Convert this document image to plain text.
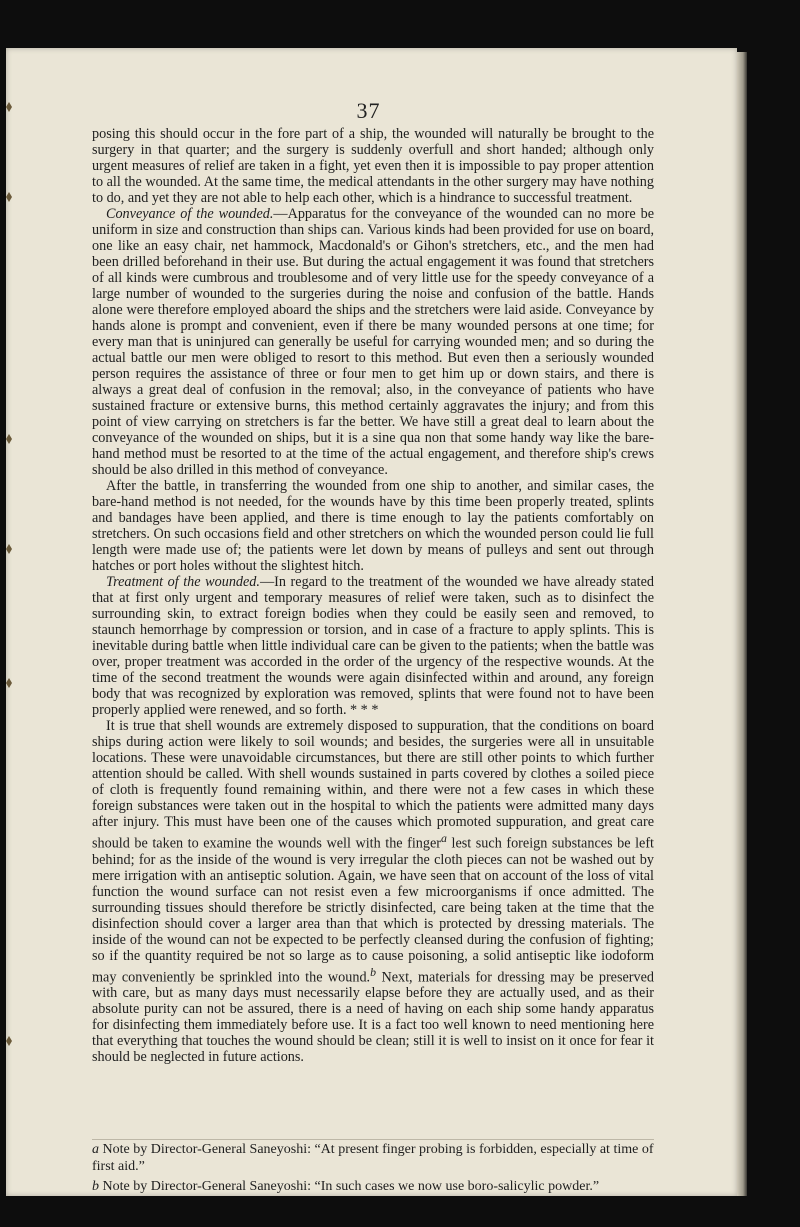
37

posing this should occur in the fore part of a ship, the wounded will naturally be brought to the surgery in that quarter; and the surgery is suddenly overfull and short handed; although only urgent measures of relief are taken in a fight, yet even then it is impossible to pay proper attention to all the wounded. At the same time, the medical attendants in the other surgery may have nothing to do, and yet they are not able to help each other, which is a hindrance to successful treatment.

Conveyance of the wounded.—Apparatus for the conveyance of the wounded can no more be uniform in size and construction than ships can. Various kinds had been provided for use on board, one like an easy chair, net hammock, Macdonald's or Gihon's stretchers, etc., and the men had been drilled beforehand in their use. But during the actual engagement it was found that stretchers of all kinds were cumbrous and troublesome and of very little use for the speedy conveyance of a large number of wounded to the surgeries during the noise and confusion of the battle. Hands alone were therefore employed aboard the ships and the stretchers were laid aside. Conveyance by hands alone is prompt and convenient, even if there be many wounded persons at one time; for every man that is uninjured can generally be useful for carrying wounded men; and so during the actual battle our men were obliged to resort to this method. But even then a seriously wounded person requires the assistance of three or four men to get him up or down stairs, and there is always a great deal of confusion in the removal; also, in the conveyance of patients who have sustained fracture or extensive burns, this method certainly aggravates the injury; and from this point of view carrying on stretchers is far the better. We have still a great deal to learn about the conveyance of the wounded on ships, but it is a sine qua non that some handy way like the bare-hand method must be resorted to at the time of the actual engagement, and therefore ship's crews should be also drilled in this method of conveyance.

After the battle, in transferring the wounded from one ship to another, and similar cases, the bare-hand method is not needed, for the wounds have by this time been properly treated, splints and bandages have been applied, and there is time enough to lay the patients comfortably on stretchers. On such occasions field and other stretchers on which the wounded person could lie full length were made use of; the patients were let down by means of pulleys and sent out through hatches or port holes without the slightest hitch.

Treatment of the wounded.—In regard to the treatment of the wounded we have already stated that at first only urgent and temporary measures of relief were taken, such as to disinfect the surrounding skin, to extract foreign bodies when they could be easily seen and removed, to staunch hemorrhage by compression or torsion, and in case of a fracture to apply splints. This is inevitable during battle when little individual care can be given to the patients; when the battle was over, proper treatment was accorded in the order of the urgency of the respective wounds. At the time of the second treatment the wounds were again disinfected within and around, any foreign body that was recognized by exploration was removed, splints that were found not to have been properly applied were renewed, and so forth. * * *

It is true that shell wounds are extremely disposed to suppuration, that the conditions on board ships during action were likely to soil wounds; and besides, the surgeries were all in unsuitable locations. These were unavoidable circumstances, but there are still other points to which further attention should be called. With shell wounds sustained in parts covered by clothes a soiled piece of cloth is frequently found remaining within, and there were not a few cases in which these foreign substances were taken out in the hospital to which the patients were admitted many days after injury. This must have been one of the causes which promoted suppuration, and great care should be taken to examine the wounds well with the finger$^a$ lest such foreign substances be left behind; for as the inside of the wound is very irregular the cloth pieces can not be washed out by mere irrigation with an antiseptic solution. Again, we have seen that on account of the loss of vital function the wound surface can not resist even a few microorganisms if once admitted. The surrounding tissues should therefore be strictly disinfected, care being taken at the time that the disinfection should cover a larger area than that which is protected by dressing materials. The inside of the wound can not be expected to be perfectly cleansed during the confusion of fighting; so if the quantity required be not so large as to cause poisoning, a solid antiseptic like iodoform may conveniently be sprinkled into the wound.$^b$ Next, materials for dressing may be preserved with care, but as many days must necessarily elapse before they are actually used, and as their absolute purity can not be assured, there is a need of having on each ship some handy apparatus for disinfecting them immediately before use. It is a fact too well known to need mentioning here that everything that touches the wound should be clean; still it is well to insist on it once for fear it should be neglected in future actions.

a Note by Director-General Saneyoshi: “At present finger probing is forbidden, especially at time of first aid.”

b Note by Director-General Saneyoshi: “In such cases we now use boro-salicylic powder.”
